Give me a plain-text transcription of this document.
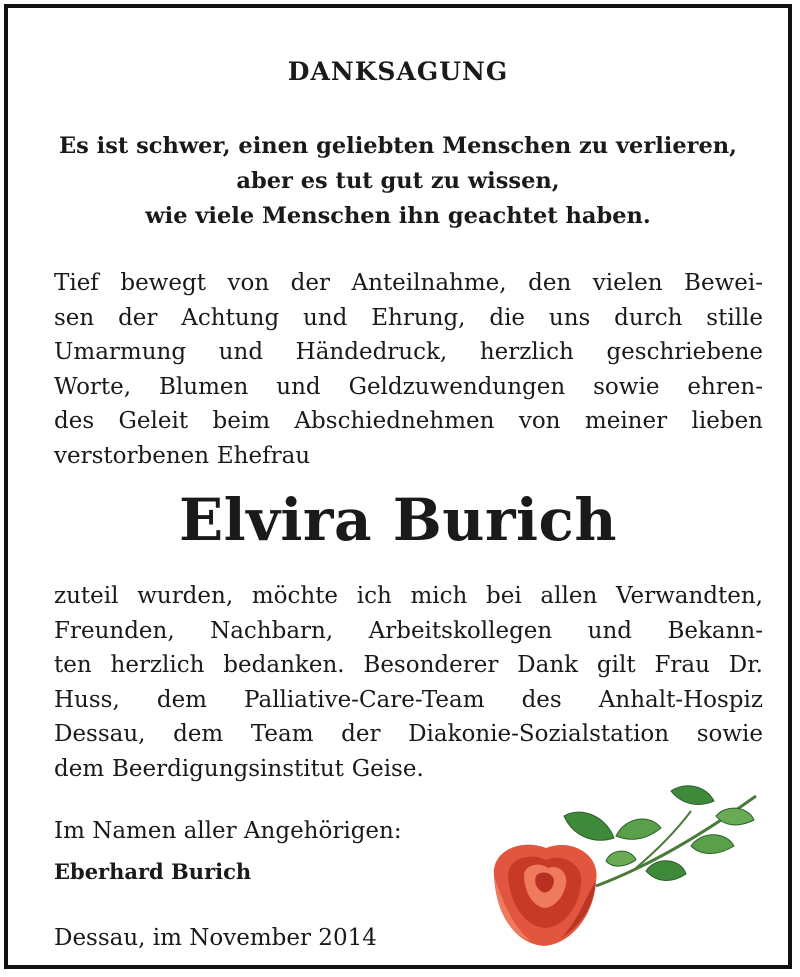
DANKSAGUNG
Es ist schwer, einen geliebten Menschen zu verlieren,
aber es tut gut zu wissen,
wie viele Menschen ihn geachtet haben.
Tief bewegt von der Anteilnahme, den vielen Bewei-
sen der Achtung und Ehrung, die uns durch stille
Umarmung und Händedruck, herzlich geschriebene
Worte, Blumen und Geldzuwendungen sowie ehren-
des Geleit beim Abschiednehmen von meiner lieben
verstorbenen Ehefrau
Elvira Burich
zuteil wurden, möchte ich mich bei allen Verwandten,
Freunden, Nachbarn, Arbeitskollegen und Bekann-
ten herzlich bedanken. Besonderer Dank gilt Frau Dr.
Huss, dem Palliative-Care-Team des Anhalt-Hospiz
Dessau, dem Team der Diakonie-Sozialstation sowie
dem Beerdigungsinstitut Geise.
Im Namen aller Angehörigen:
Eberhard Burich
Dessau, im November 2014
